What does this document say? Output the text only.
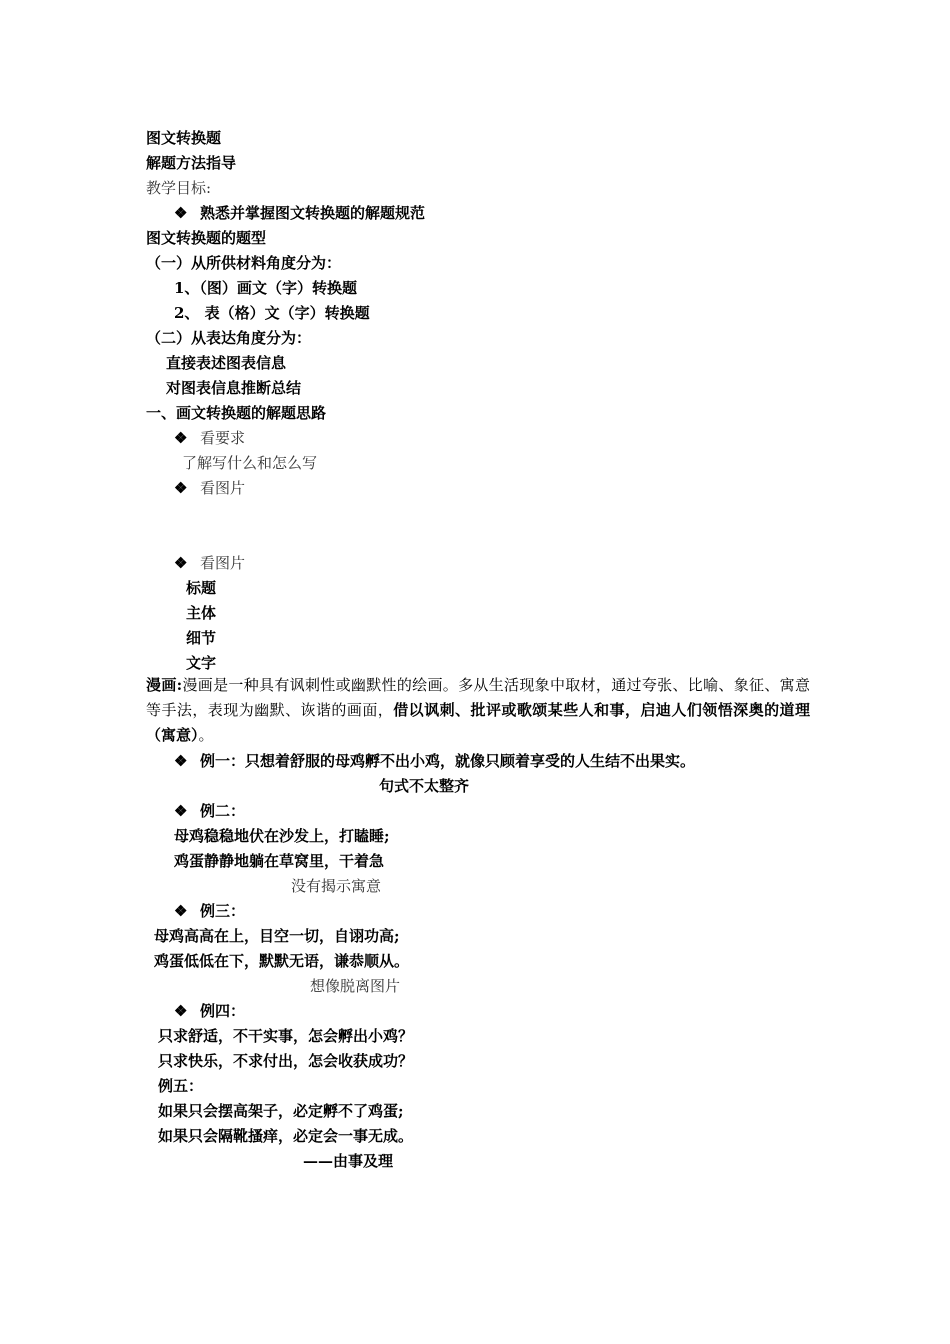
图文转换题
解题方法指导
教学目标:
❖ 熟悉并掌握图文转换题的解题规范
图文转换题的题型
（一）从所供材料角度分为：
1、（图）画文（字）转换题
2、 表（格）文（字）转换题
（二）从表达角度分为：
直接表述图表信息
对图表信息推断总结
一、画文转换题的解题思路
❖ 看要求
了解写什么和怎么写
❖ 看图片
❖ 看图片
标题
主体
细节
文字
漫画:漫画是一种具有讽刺性或幽默性的绘画。多从生活现象中取材，通过夸张、比喻、象征、寓意等手法，表现为幽默、诙谐的画面，借以讽刺、批评或歌颂某些人和事，启迪人们领悟深奥的道理（寓意）。
❖ 例一：只想着舒服的母鸡孵不出小鸡，就像只顾着享受的人生结不出果实。
句式不太整齐
❖ 例二：
母鸡稳稳地伏在沙发上，打瞌睡;
鸡蛋静静地躺在草窝里，干着急
没有揭示寓意
❖ 例三：
母鸡高高在上，目空一切，自诩功高;
鸡蛋低低在下，默默无语，谦恭顺从。
想像脱离图片
❖ 例四：
只求舒适，不干实事，怎会孵出小鸡？
只求快乐，不求付出，怎会收获成功？
例五：
如果只会摆高架子，必定孵不了鸡蛋;
如果只会隔靴搔痒，必定会一事无成。
——由事及理
